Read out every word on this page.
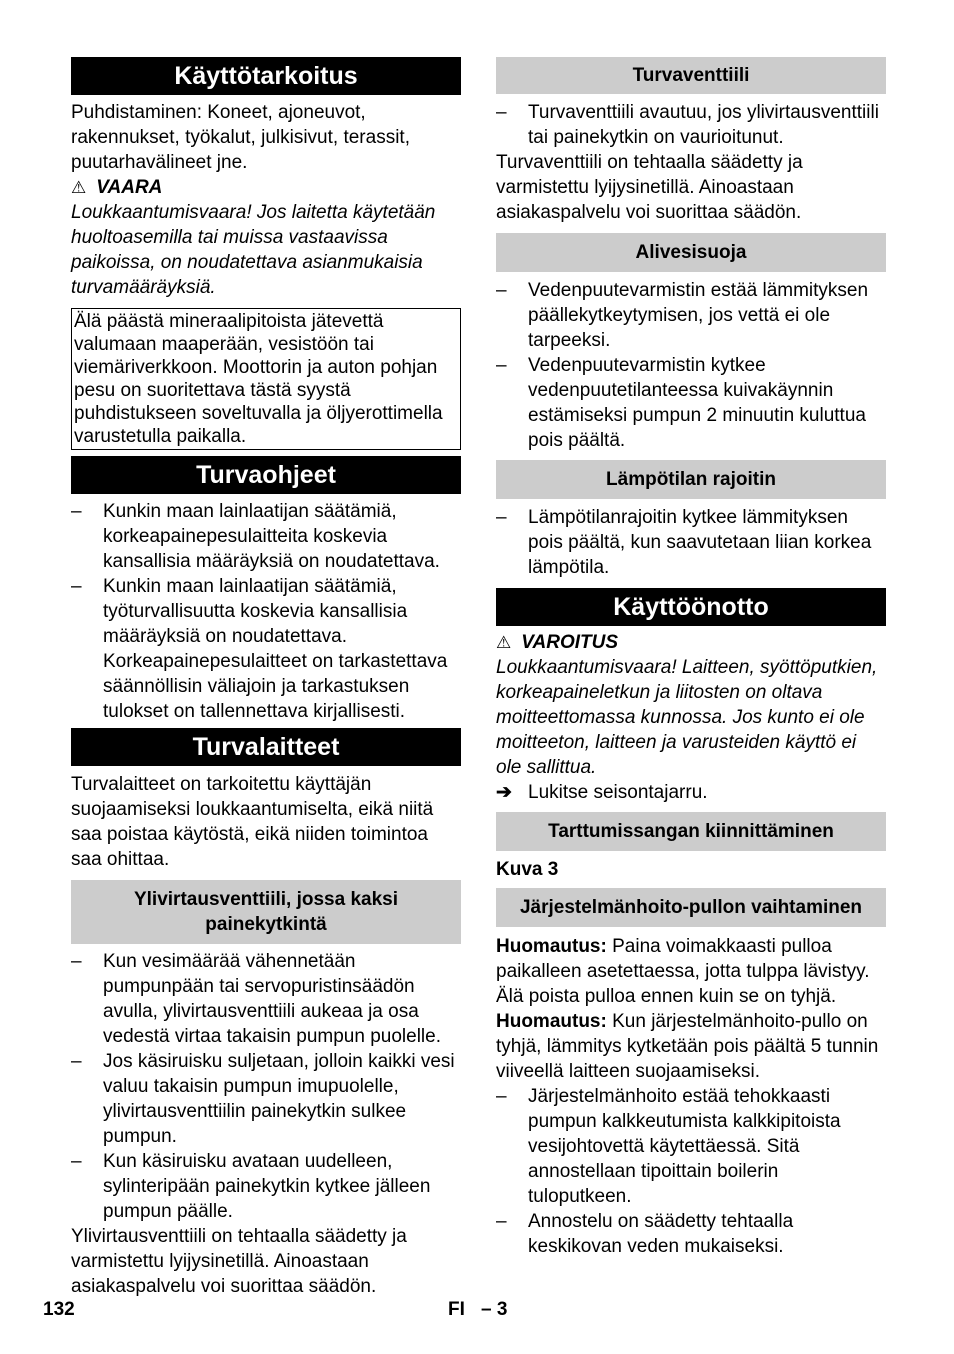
Käyttötarkoitus

Puhdistaminen: Koneet, ajoneuvot, rakennukset, työkalut, julkisivut, terassit, puutarhavälineet jne.

⚠ VAARA

Loukkaantumisvaara! Jos laitetta käytetään huoltoasemilla tai muissa vastaavissa paikoissa, on noudatettava asianmukaisia turvamääräyksiä.

Älä päästä mineraalipitoista jätevettä valumaan maaperään, vesistöön tai viemäriverkkoon. Moottorin ja auton pohjan pesu on suoritettava tästä syystä puhdistukseen soveltuvalla ja öljyerottimella varustetulla paikalla.
Turvaohjeet
– Kunkin maan lainlaatijan säätämiä, korkeapainepesulaitteita koskevia kansallisia määräyksiä on noudatettava.
– Kunkin maan lainlaatijan säätämiä, työturvallisuutta koskevia kansallisia määräyksiä on noudatettava. Korkeapainepesulaitteet on tarkastettava säännöllisin väliajoin ja tarkastuksen tulokset on tallennettava kirjallisesti.
Turvalaitteet

Turvalaitteet on tarkoitettu käyttäjän suojaamiseksi loukkaantumiselta, eikä niitä saa poistaa käytöstä, eikä niiden toimintoa saa ohittaa.

Ylivirtausventtiili, jossa kaksi painekytkintä
– Kun vesimäärää vähennetään pumpunpään tai servopuristinsäädön avulla, ylivirtausventtiili aukeaa ja osa vedestä virtaa takaisin pumpun puolelle.
– Jos käsiruisku suljetaan, jolloin kaikki vesi valuu takaisin pumpun imupuolelle, ylivirtausventtiilin painekytkin sulkee pumpun.
– Kun käsiruisku avataan uudelleen, sylinteripään painekytkin kytkee jälleen pumpun päälle.

Ylivirtausventtiili on tehtaalla säädetty ja varmistettu lyijysinetillä. Ainoastaan asiakaspalvelu voi suorittaa säädön.

Turvaventtiili
– Turvaventtiili avautuu, jos ylivirtausventtiili tai painekytkin on vaurioitunut.

Turvaventtiili on tehtaalla säädetty ja varmistettu lyijysinetillä. Ainoastaan asiakaspalvelu voi suorittaa säädön.

Alivesisuoja
– Vedenpuutevarmistin estää lämmityksen päällekytkeytymisen, jos vettä ei ole tarpeeksi.
– Vedenpuutevarmistin kytkee vedenpuutetilanteessa kuivakäynnin estämiseksi pumpun 2 minuutin kuluttua pois päältä.
Lämpötilan rajoitin
– Lämpötilanrajoitin kytkee lämmityksen pois päältä, kun saavutetaan liian korkea lämpötila.
Käyttöönotto
⚠ VAROITUS

Loukkaantumisvaara! Laitteen, syöttöputkien, korkeapaineletkun ja liitosten on oltava moitteettomassa kunnossa. Jos kunto ei ole moitteeton, laitteen ja varusteiden käyttö ei ole sallittua.

➔ Lukitse seisontajarru.
Tarttumissangan kiinnittäminen

Kuva 3

Järjestelmänhoito-pullon vaihtaminen

Huomautus: Paina voimakkaasti pulloa paikalleen asetettaessa, jotta tulppa lävistyy. Älä poista pulloa ennen kuin se on tyhjä.

Huomautus: Kun järjestelmänhoito-pullo on tyhjä, lämmitys kytketään pois päältä 5 tunnin viiveellä laitteen suojaamiseksi.

– Järjestelmänhoito estää tehokkaasti pumpun kalkkeutumista kalkkipitoista vesijohtovettä käytettäessä. Sitä annostellaan tipoittain boilerin tuloputkeen.
– Annostelu on säädetty tehtaalla keskikovan veden mukaiseksi.
132	FI – 3
